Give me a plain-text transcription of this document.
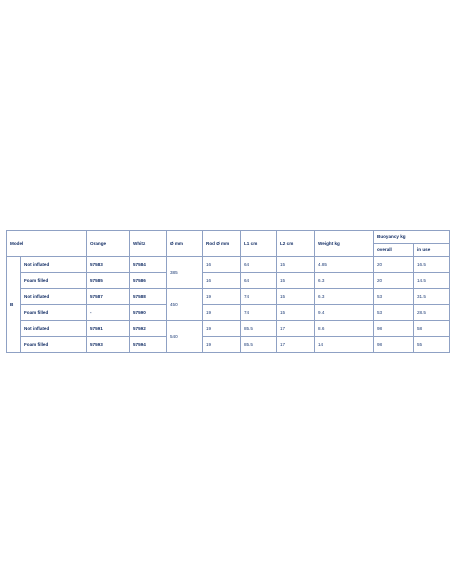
Model		Orange	Whitz	Ø mm	Rod Ø mm	L1 cm	L2 cm	Weight kg	Buoyancy kg	
									overall	in use
B	Not inflated	57583	57584	385	16	64	15	4.85	20	16.5
	Foam filled	57585	57586		16	64	15	6.3	20	14.5
	Not inflated	57587	57588	450	19	74	15	6.3	53	31.5
	Foam filled	-	57590		19	74	15	9.4	53	28.5
	Not inflated	57591	57592	540	19	85.5	17	8.6	98	58
	Foam filled	57593	57594		19	85.5	17	14	98	55
